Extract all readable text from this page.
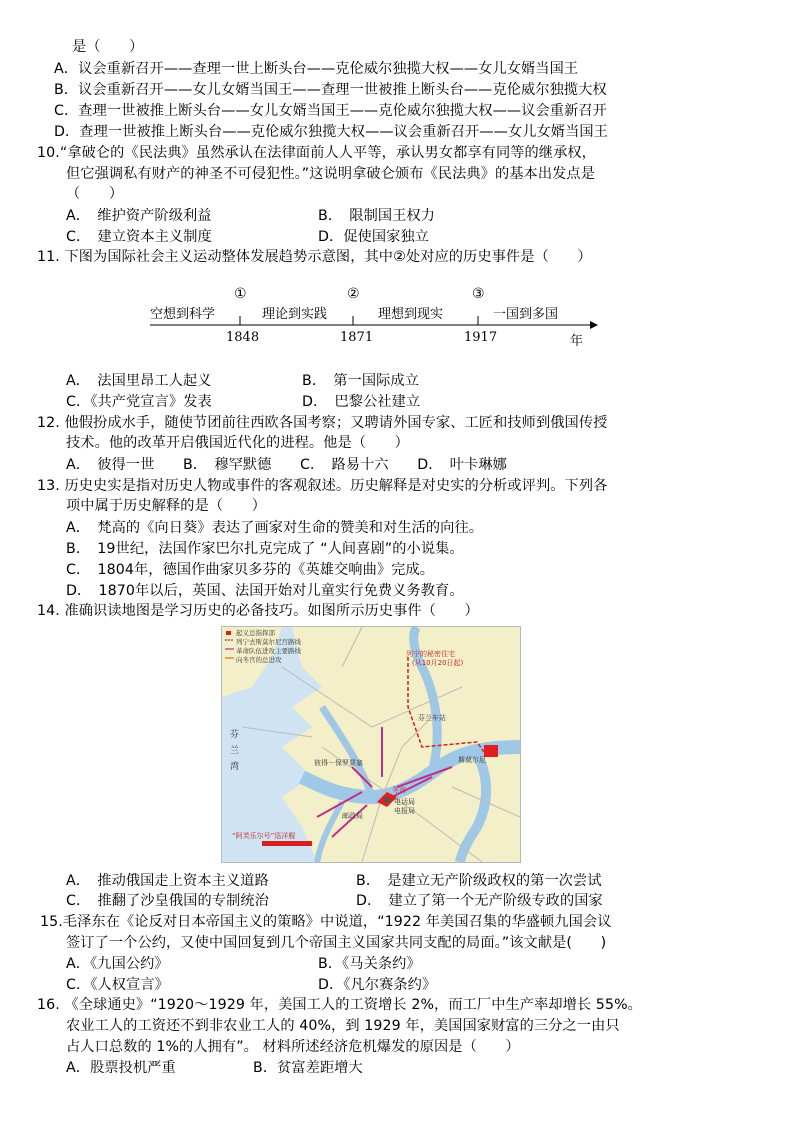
是（　　）
A．议会重新召开——查理一世上断头台——克伦威尔独揽大权——女儿女婿当国王
B．议会重新召开——女儿女婿当国王——查理一世被推上断头台——克伦威尔独揽大权
C．查理一世被推上断头台——女儿女婿当国王——克伦威尔独揽大权——议会重新召开
D．查理一世被推上断头台——克伦威尔独揽大权——议会重新召开——女儿女婿当国王
10.“拿破仑的《民法典》虽然承认在法律面前人人平等，承认男女都享有同等的继承权，
但它强调私有财产的神圣不可侵犯性。”这说明拿破仑颁布《民法典》的基本出发点是
（　　）
A．　维护资产阶级利益	B．　限制国王权力
C．　建立资本主义制度	D．促使国家独立
11. 下图为国际社会主义运动整体发展趋势示意图，其中②处对应的历史事件是（　　）
空想到科学
①
理论到实践
②
理想到现实
③
一国到多国
1848	1871	1917	年
A．　法国里昂工人起义	B．　第一国际成立
C．《共产党宣言》发表	D．　巴黎公社建立
12. 他假扮成水手，随使节团前往西欧各国考察；又聘请外国专家、工匠和技师到俄国传授
技术。他的改革开启俄国近代化的进程。他是（　　）
A．　彼得一世　　B．　穆罕默德　　C．　路易十六　　D．　叶卡琳娜
13. 历史史实是指对历史人物或事件的客观叙述。历史解释是对史实的分析或评判。下列各
项中属于历史解释的是（　　）
A．　梵高的《向日葵》表达了画家对生命的赞美和对生活的向往。
B．　19世纪，法国作家巴尔扎克完成了 “人间喜剧”的小说集。
C．　1804年，德国作曲家贝多芬的《英雄交响曲》完成。
D．　1870年以后，英国、法国开始对儿童实行免费义务教育。
14. 准确识读地图是学习历史的必备技巧。如图所示历史事件（　　）
起义总指挥部
列宁去斯莫尔尼宫路线
革命队伍进攻主要路线
向冬宫的总进攻
列宁的秘密住宅
(从10月20日起)
芬兰车站
斯莫尔尼
彼得－保罗要塞
冬宫
电话局
电报局
邮政局
“阿芙乐尔号”巡洋舰
芬
兰
湾
A．　推动俄国走上资本主义道路	B．　是建立无产阶级政权的第一次尝试
C．　推翻了沙皇俄国的专制统治	D．　建立了第一个无产阶级专政的国家
15.毛泽东在《论反对日本帝国主义的策略》中说道，“1922 年美国召集的华盛顿九国会议
签订了一个公约，又使中国回复到几个帝国主义国家共同支配的局面。”该文献是(　　)
A．《九国公约》	B．《马关条约》
C．《人权宣言》	D．《凡尔赛条约》
16. 《全球通史》“1920～1929 年，美国工人的工资增长 2%，而工厂中生产率却增长 55%。
农业工人的工资还不到非农业工人的 40%，到 1929 年，美国国家财富的三分之一由只
占人口总数的 1%的人拥有”。 材料所述经济危机爆发的原因是（　　）
A．股票投机严重	B．贫富差距增大
